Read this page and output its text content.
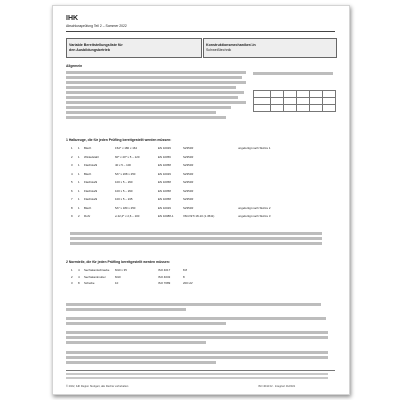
IHK
Abschlussprüfung Teil 2 – Sommer 2022
Variable Bereitstellungsliste für
den Ausbildungsbetrieb
Konstruktionsmechaniker/-in
Schweißtechnik
Allgemein

1 Halbzeuge, die für jeden Prüfling bereitgestellt werden müssen:
1 1 Blech	15A* x 180 x 164	EN 10029	S235JR	ungefertigt nach Skizze 1
2 1 Winkelstahl	60* x 40* x 5 – 120	EN 10056	S235JR
3 1 Flachstahl	40 x 5 – 100	EN 10058	S235JR
4 1 Blech	5A* x 208 x 250	EN 10029	S235JR
5 1 Flachstahl	100 x 5 – 290	EN 10058	S235JR
6 1 Flachstahl	100 x 5 – 290	EN 10058	S235JR
7 1 Flachstahl	100 x 5 – 245	EN 10058	S235JR
8 1 Blech	5A* x 180 x 250	EN 10029	S235JR	ungefertigt nach Skizze 2
9 2 Rohr	⌀ 42,4* x 2,6 – 100	EN 10088-1	X6CrNiTi 18-10 (1.4541)	ungefertigt nach Skizze 3
2 Normteile, die für jeden Prüfling bereitgestellt werden müssen:
1 4 Sechskantschraube M10 x 35	ISO 4017	8.8
2 4 Sechskantmutter	M10	ISO 4032	8
3 8 Scheibe	10	ISO 7089	200 HV
© 2022, IHK Region Stuttgart, alle Rechte vorbehalten	ISO 4044 02 · Integriert 01/2021
